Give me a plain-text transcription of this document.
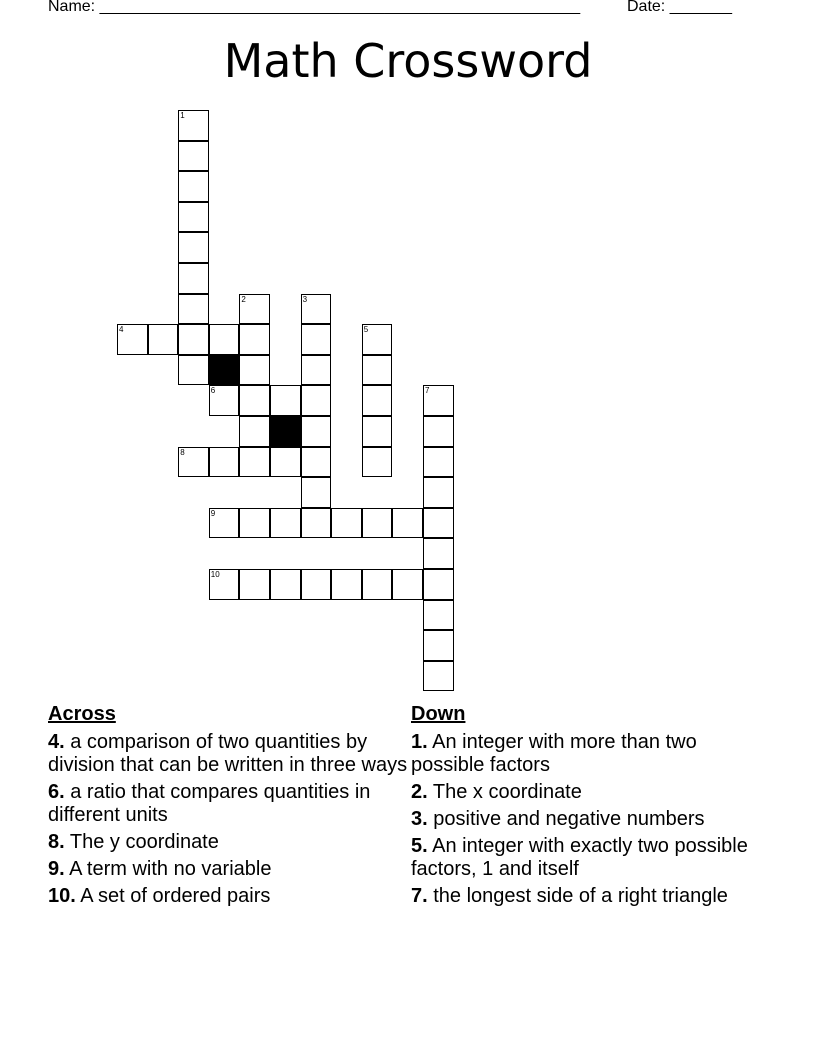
Name: ______________________________________________________	Date: _______
Math Crossword
1
2	3
4	5
6	7
8
9
10
Across
4. a comparison of two quantities by division that can be written in three ways
6. a ratio that compares quantities in different units
8. The y coordinate
9. A term with no variable
10. A set of ordered pairs
Down
1. An integer with more than two possible factors
2. The x coordinate
3. positive and negative numbers
5. An integer with exactly two possible factors, 1 and itself
7. the longest side of a right triangle
